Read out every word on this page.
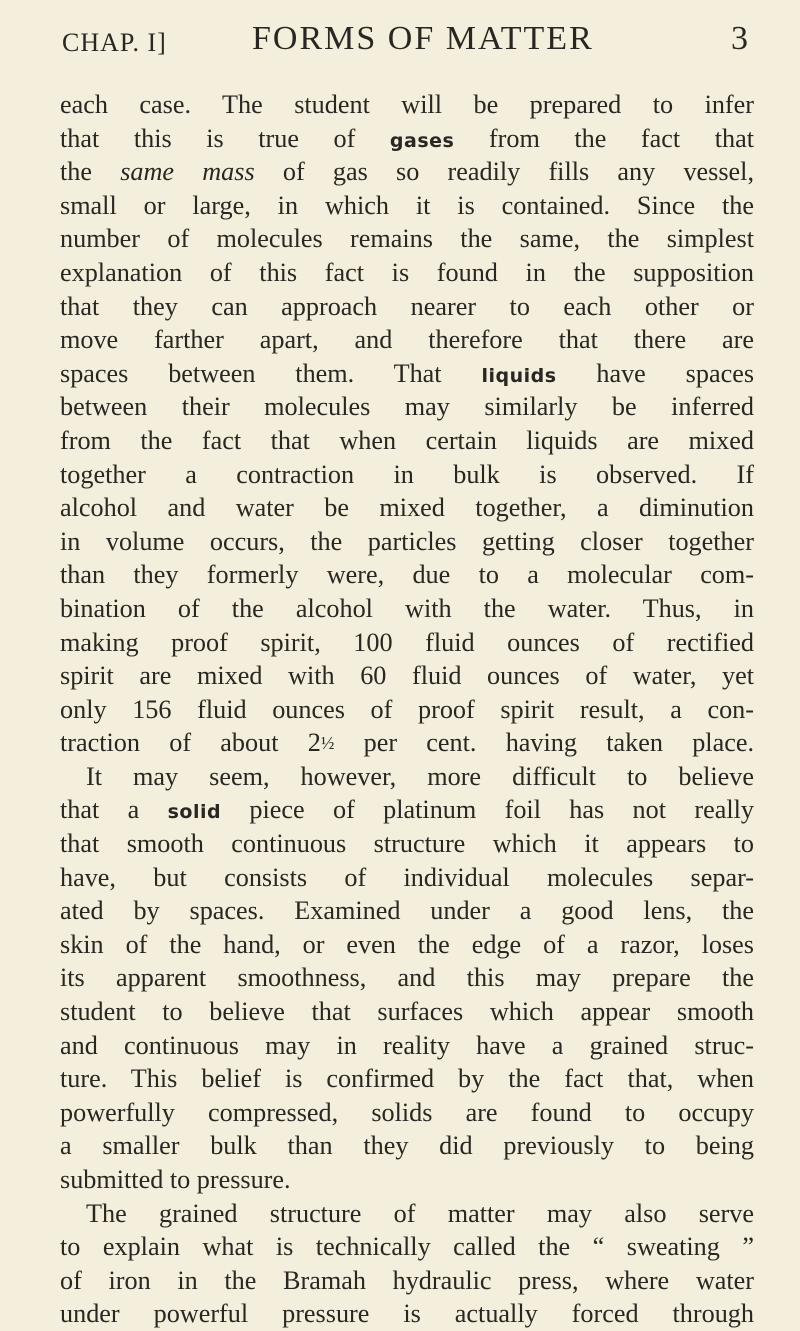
CHAP. I]	FORMS OF MATTER	3
each case. The student will be prepared to infer
that this is true of gases from the fact that
the same mass of gas so readily fills any vessel,
small or large, in which it is contained. Since the
number of molecules remains the same, the simplest
explanation of this fact is found in the supposition
that they can approach nearer to each other or
move farther apart, and therefore that there are
spaces between them. That liquids have spaces
between their molecules may similarly be inferred
from the fact that when certain liquids are mixed
together a contraction in bulk is observed. If
alcohol and water be mixed together, a diminution
in volume occurs, the particles getting closer together
than they formerly were, due to a molecular com-
bination of the alcohol with the water. Thus, in
making proof spirit, 100 fluid ounces of rectified
spirit are mixed with 60 fluid ounces of water, yet
only 156 fluid ounces of proof spirit result, a con-
traction of about 2½ per cent. having taken place.
It may seem, however, more difficult to believe
that a solid piece of platinum foil has not really
that smooth continuous structure which it appears to
have, but consists of individual molecules separ-
ated by spaces. Examined under a good lens, the
skin of the hand, or even the edge of a razor, loses
its apparent smoothness, and this may prepare the
student to believe that surfaces which appear smooth
and continuous may in reality have a grained struc-
ture. This belief is confirmed by the fact that, when
powerfully compressed, solids are found to occupy
a smaller bulk than they did previously to being
submitted to pressure.
The grained structure of matter may also serve
to explain what is technically called the “ sweating ”
of iron in the Bramah hydraulic press, where water
under powerful pressure is actually forced through
